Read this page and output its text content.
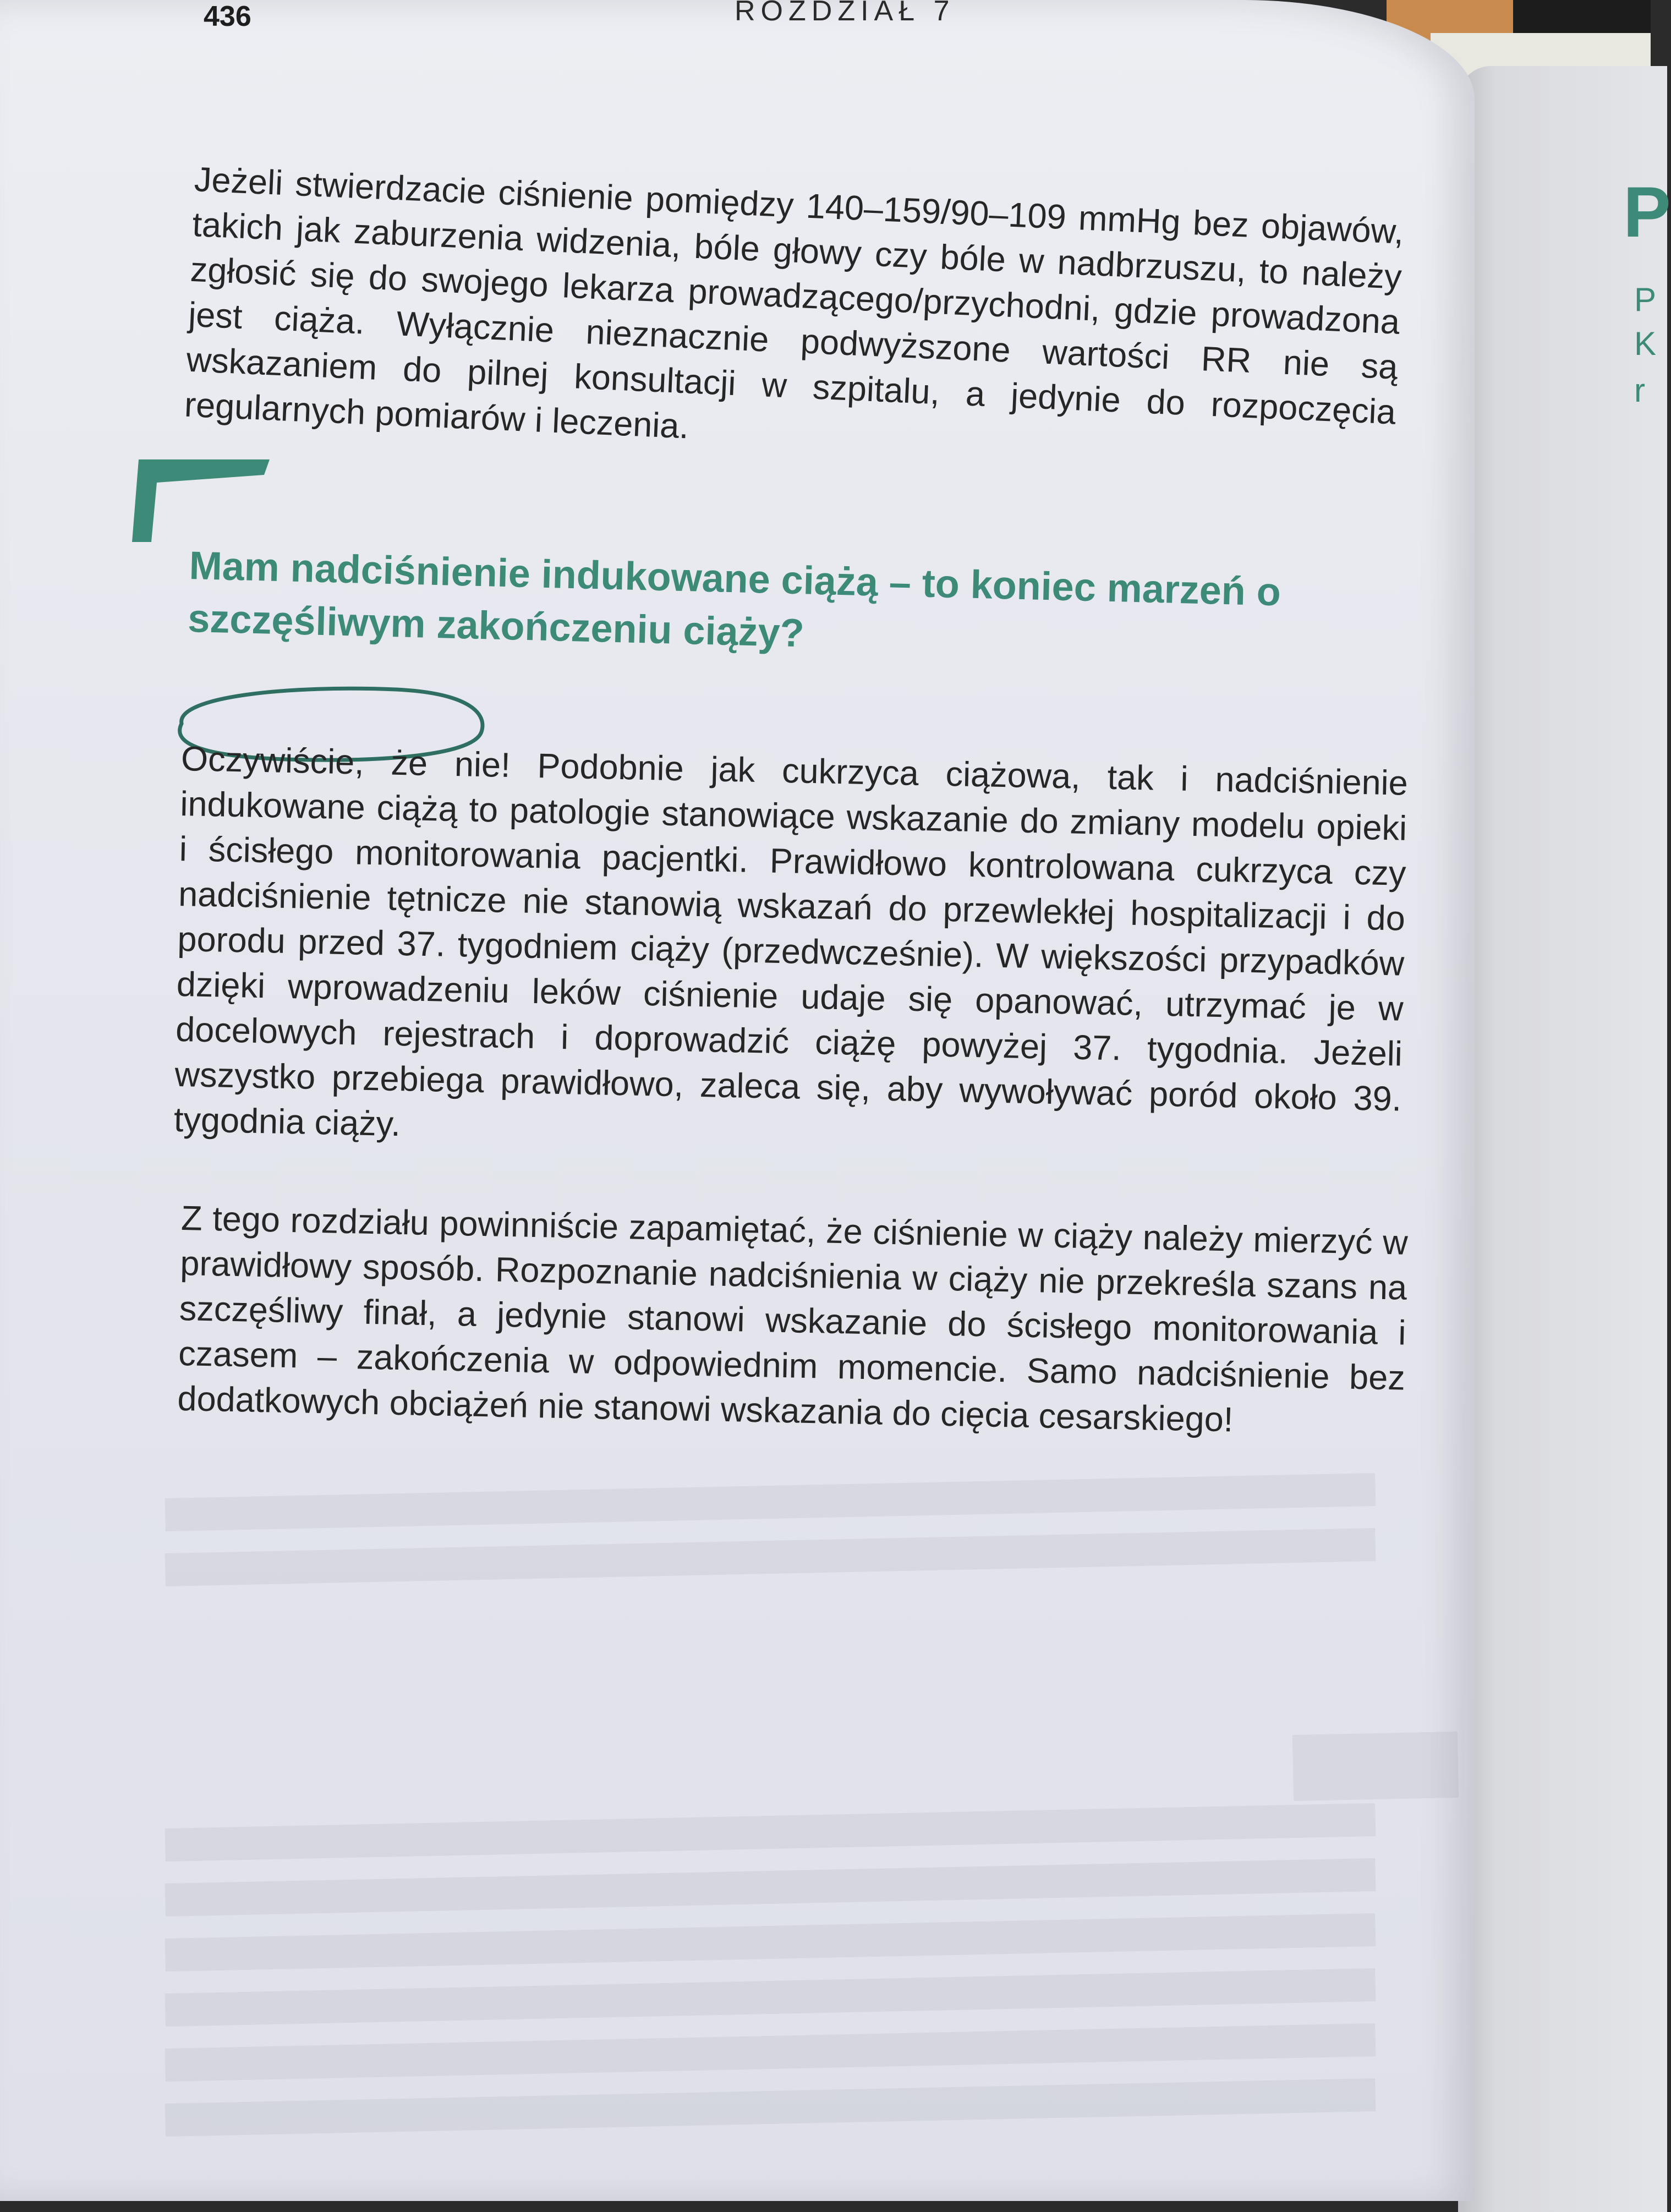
P
P
K
r
436	ROZDZIAŁ 7

Jeżeli stwierdzacie ciśnienie pomiędzy 140–159/90–109 mmHg bez objawów, takich jak zaburzenia widzenia, bóle głowy czy bóle w nadbrzuszu, to należy zgłosić się do swojego lekarza prowadzącego/przychodni, gdzie prowadzona jest ciąża. Wyłącznie nieznacznie podwyższone wartości RR nie są wskazaniem do pilnej konsultacji w szpitalu, a jedynie do rozpoczęcia regularnych pomiarów i leczenia.

Mam nadciśnienie indukowane ciążą – to koniec marzeń o szczęśliwym zakończeniu ciąży?

Oczywiście, że nie! Podobnie jak cukrzyca ciążowa, tak i nadciśnienie indukowane ciążą to patologie stanowiące wskazanie do zmiany modelu opieki i ścisłego monitorowania pacjentki. Prawidłowo kontrolowana cukrzyca czy nadciśnienie tętnicze nie stanowią wskazań do przewlekłej hospitalizacji i do porodu przed 37. tygodniem ciąży (przedwcześnie). W większości przypadków dzięki wprowadzeniu leków ciśnienie udaje się opanować, utrzymać je w docelowych rejestrach i doprowadzić ciążę powyżej 37. tygodnia. Jeżeli wszystko przebiega prawidłowo, zaleca się, aby wywoływać poród około 39. tygodnia ciąży.

Z tego rozdziału powinniście zapamiętać, że ciśnienie w ciąży należy mierzyć w prawidłowy sposób. Rozpoznanie nadciśnienia w ciąży nie przekreśla szans na szczęśliwy finał, a jedynie stanowi wskazanie do ścisłego monitorowania i czasem – zakończenia w odpowiednim momencie. Samo nadciśnienie bez dodatkowych obciążeń nie stanowi wskazania do cięcia cesarskiego!
